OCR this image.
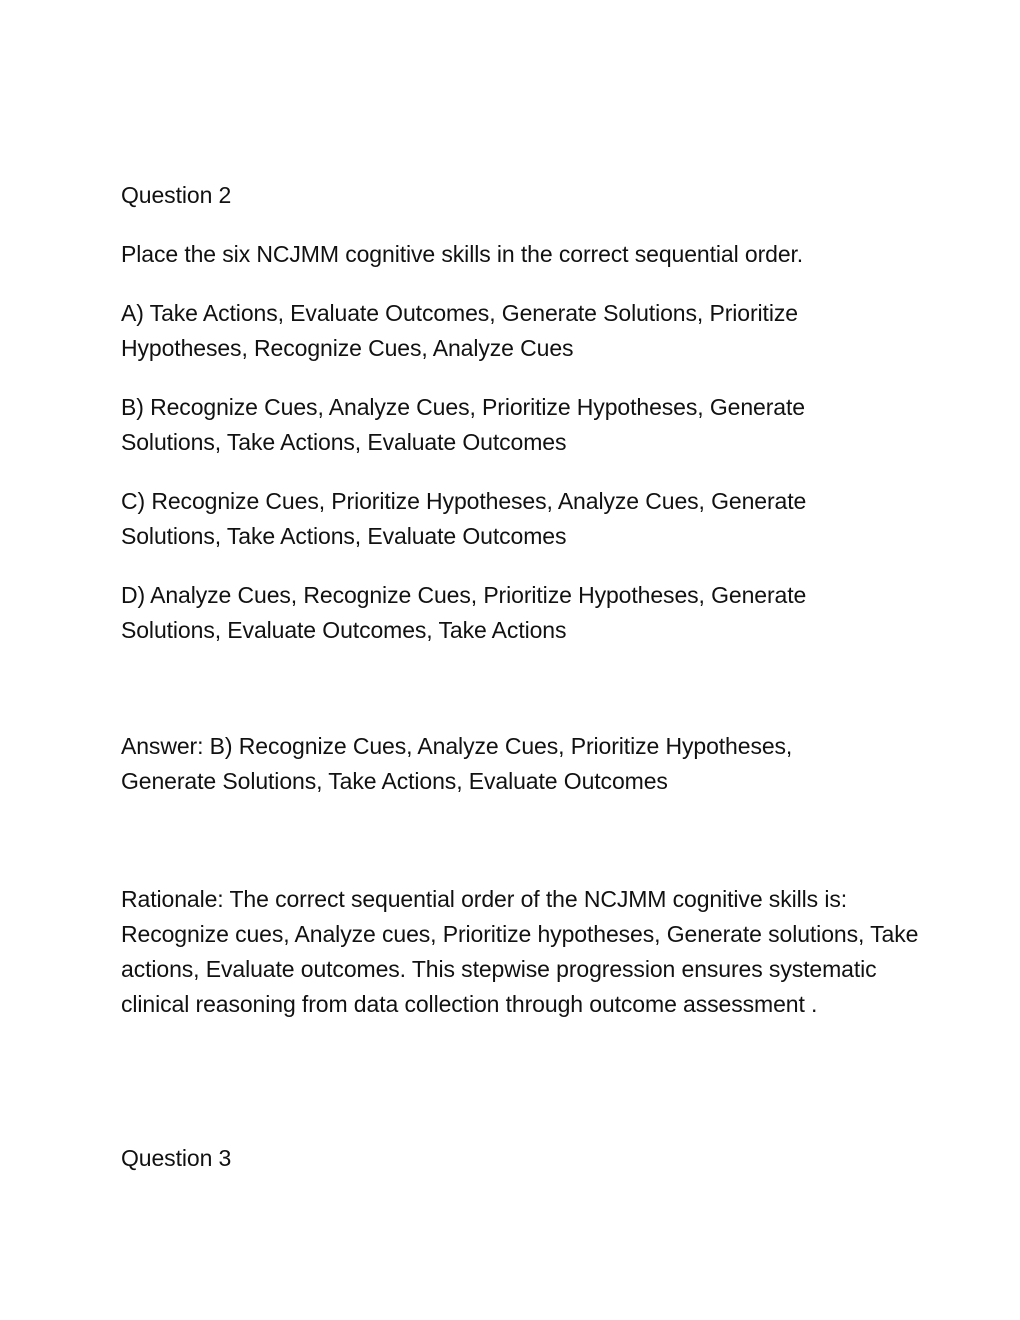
Question 2
Place the six NCJMM cognitive skills in the correct sequential order.
A) Take Actions, Evaluate Outcomes, Generate Solutions, Prioritize Hypotheses, Recognize Cues, Analyze Cues
B) Recognize Cues, Analyze Cues, Prioritize Hypotheses, Generate Solutions, Take Actions, Evaluate Outcomes
C) Recognize Cues, Prioritize Hypotheses, Analyze Cues, Generate Solutions, Take Actions, Evaluate Outcomes
D) Analyze Cues, Recognize Cues, Prioritize Hypotheses, Generate Solutions, Evaluate Outcomes, Take Actions
Answer: B) Recognize Cues, Analyze Cues, Prioritize Hypotheses, Generate Solutions, Take Actions, Evaluate Outcomes
Rationale: The correct sequential order of the NCJMM cognitive skills is: Recognize cues, Analyze cues, Prioritize hypotheses, Generate solutions, Take actions, Evaluate outcomes. This stepwise progression ensures systematic clinical reasoning from data collection through outcome assessment .
Question 3
